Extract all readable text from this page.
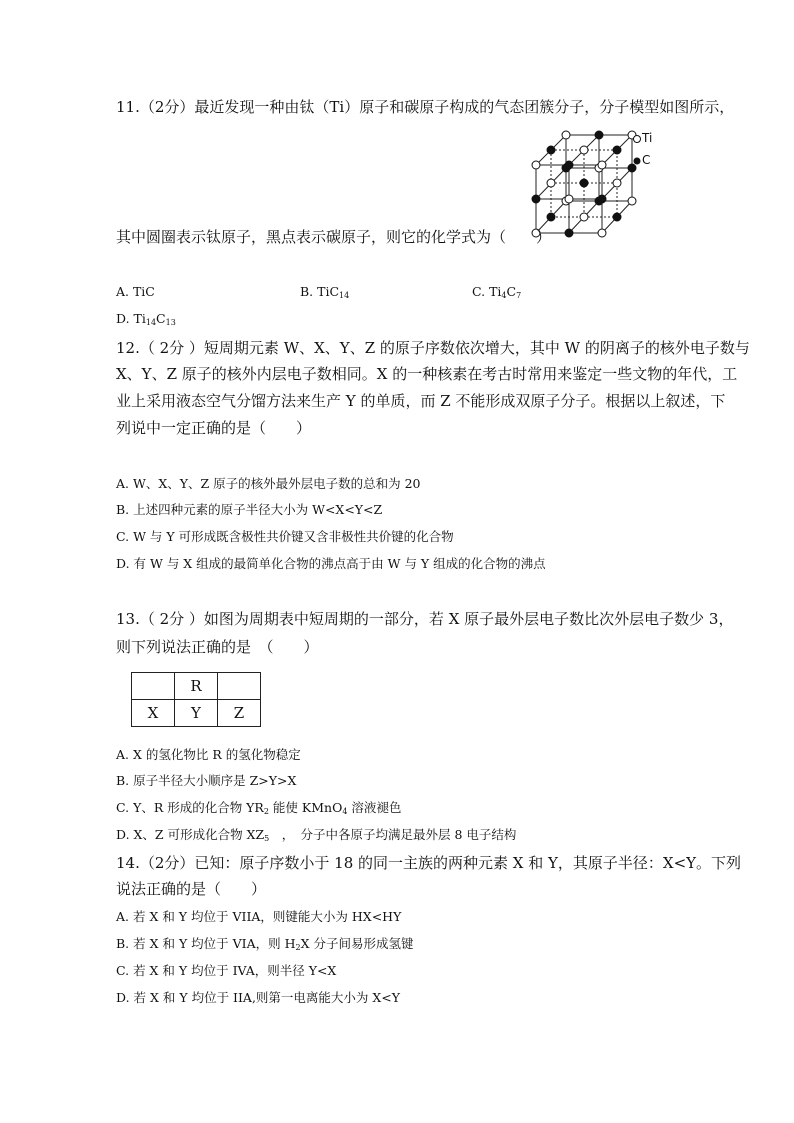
11.（2分）最近发现一种由钛（Ti）原子和碳原子构成的气态团簇分子，分子模型如图所示，
Ti
C
其中圆圈表示钛原子，黑点表示碳原子，则它的化学式为（　　）
A. TiC	B. TiC$_{14}$	C. $Ti_4C_7$
D. $Ti_{14}C_{13}$
12.（ 2分 ）短周期元素 W、X、Y、Z 的原子序数依次增大，其中 W 的阴离子的核外电子数与
X、Y、Z 原子的核外内层电子数相同。X 的一种核素在考古时常用来鉴定一些文物的年代，工
业上采用液态空气分馏方法来生产 Y 的单质，而 Z 不能形成双原子分子。根据以上叙述，下
列说中一定正确的是（　　）
A. W、X、Y、Z 原子的核外最外层电子数的总和为 20
B. 上述四种元素的原子半径大小为 W<X<Y<Z
C. W 与 Y 可形成既含极性共价键又含非极性共价键的化合物
D. 有 W 与 X 组成的最简单化合物的沸点高于由 W 与 Y 组成的化合物的沸点
13.（ 2分 ）如图为周期表中短周期的一部分，若 X 原子最外层电子数比次外层电子数少 3，
则下列说法正确的是　（　　）
	R	
X	Y	Z
A. X 的氢化物比 R 的氢化物稳定
B. 原子半径大小顺序是 Z>Y>X
C. Y、R 形成的化合物 $YR_2$ 能使 KMnO$_4$ 溶液褪色
D. X、Z 可形成化合物 $XZ_5$　，　分子中各原子均满足最外层 8 电子结构
14.（2分）已知：原子序数小于 18 的同一主族的两种元素 X 和 Y，其原子半径：X<Y。下列
说法正确的是（　　）
A. 若 X 和 Y 均位于 VIIA，则键能大小为 HX<HY
B. 若 X 和 Y 均位于 VIA，则 $H_2X$ 分子间易形成氢键
C. 若 X 和 Y 均位于 IVA，则半径 Y<X
D. 若 X 和 Y 均位于 IIA,则第一电离能大小为 X<Y
